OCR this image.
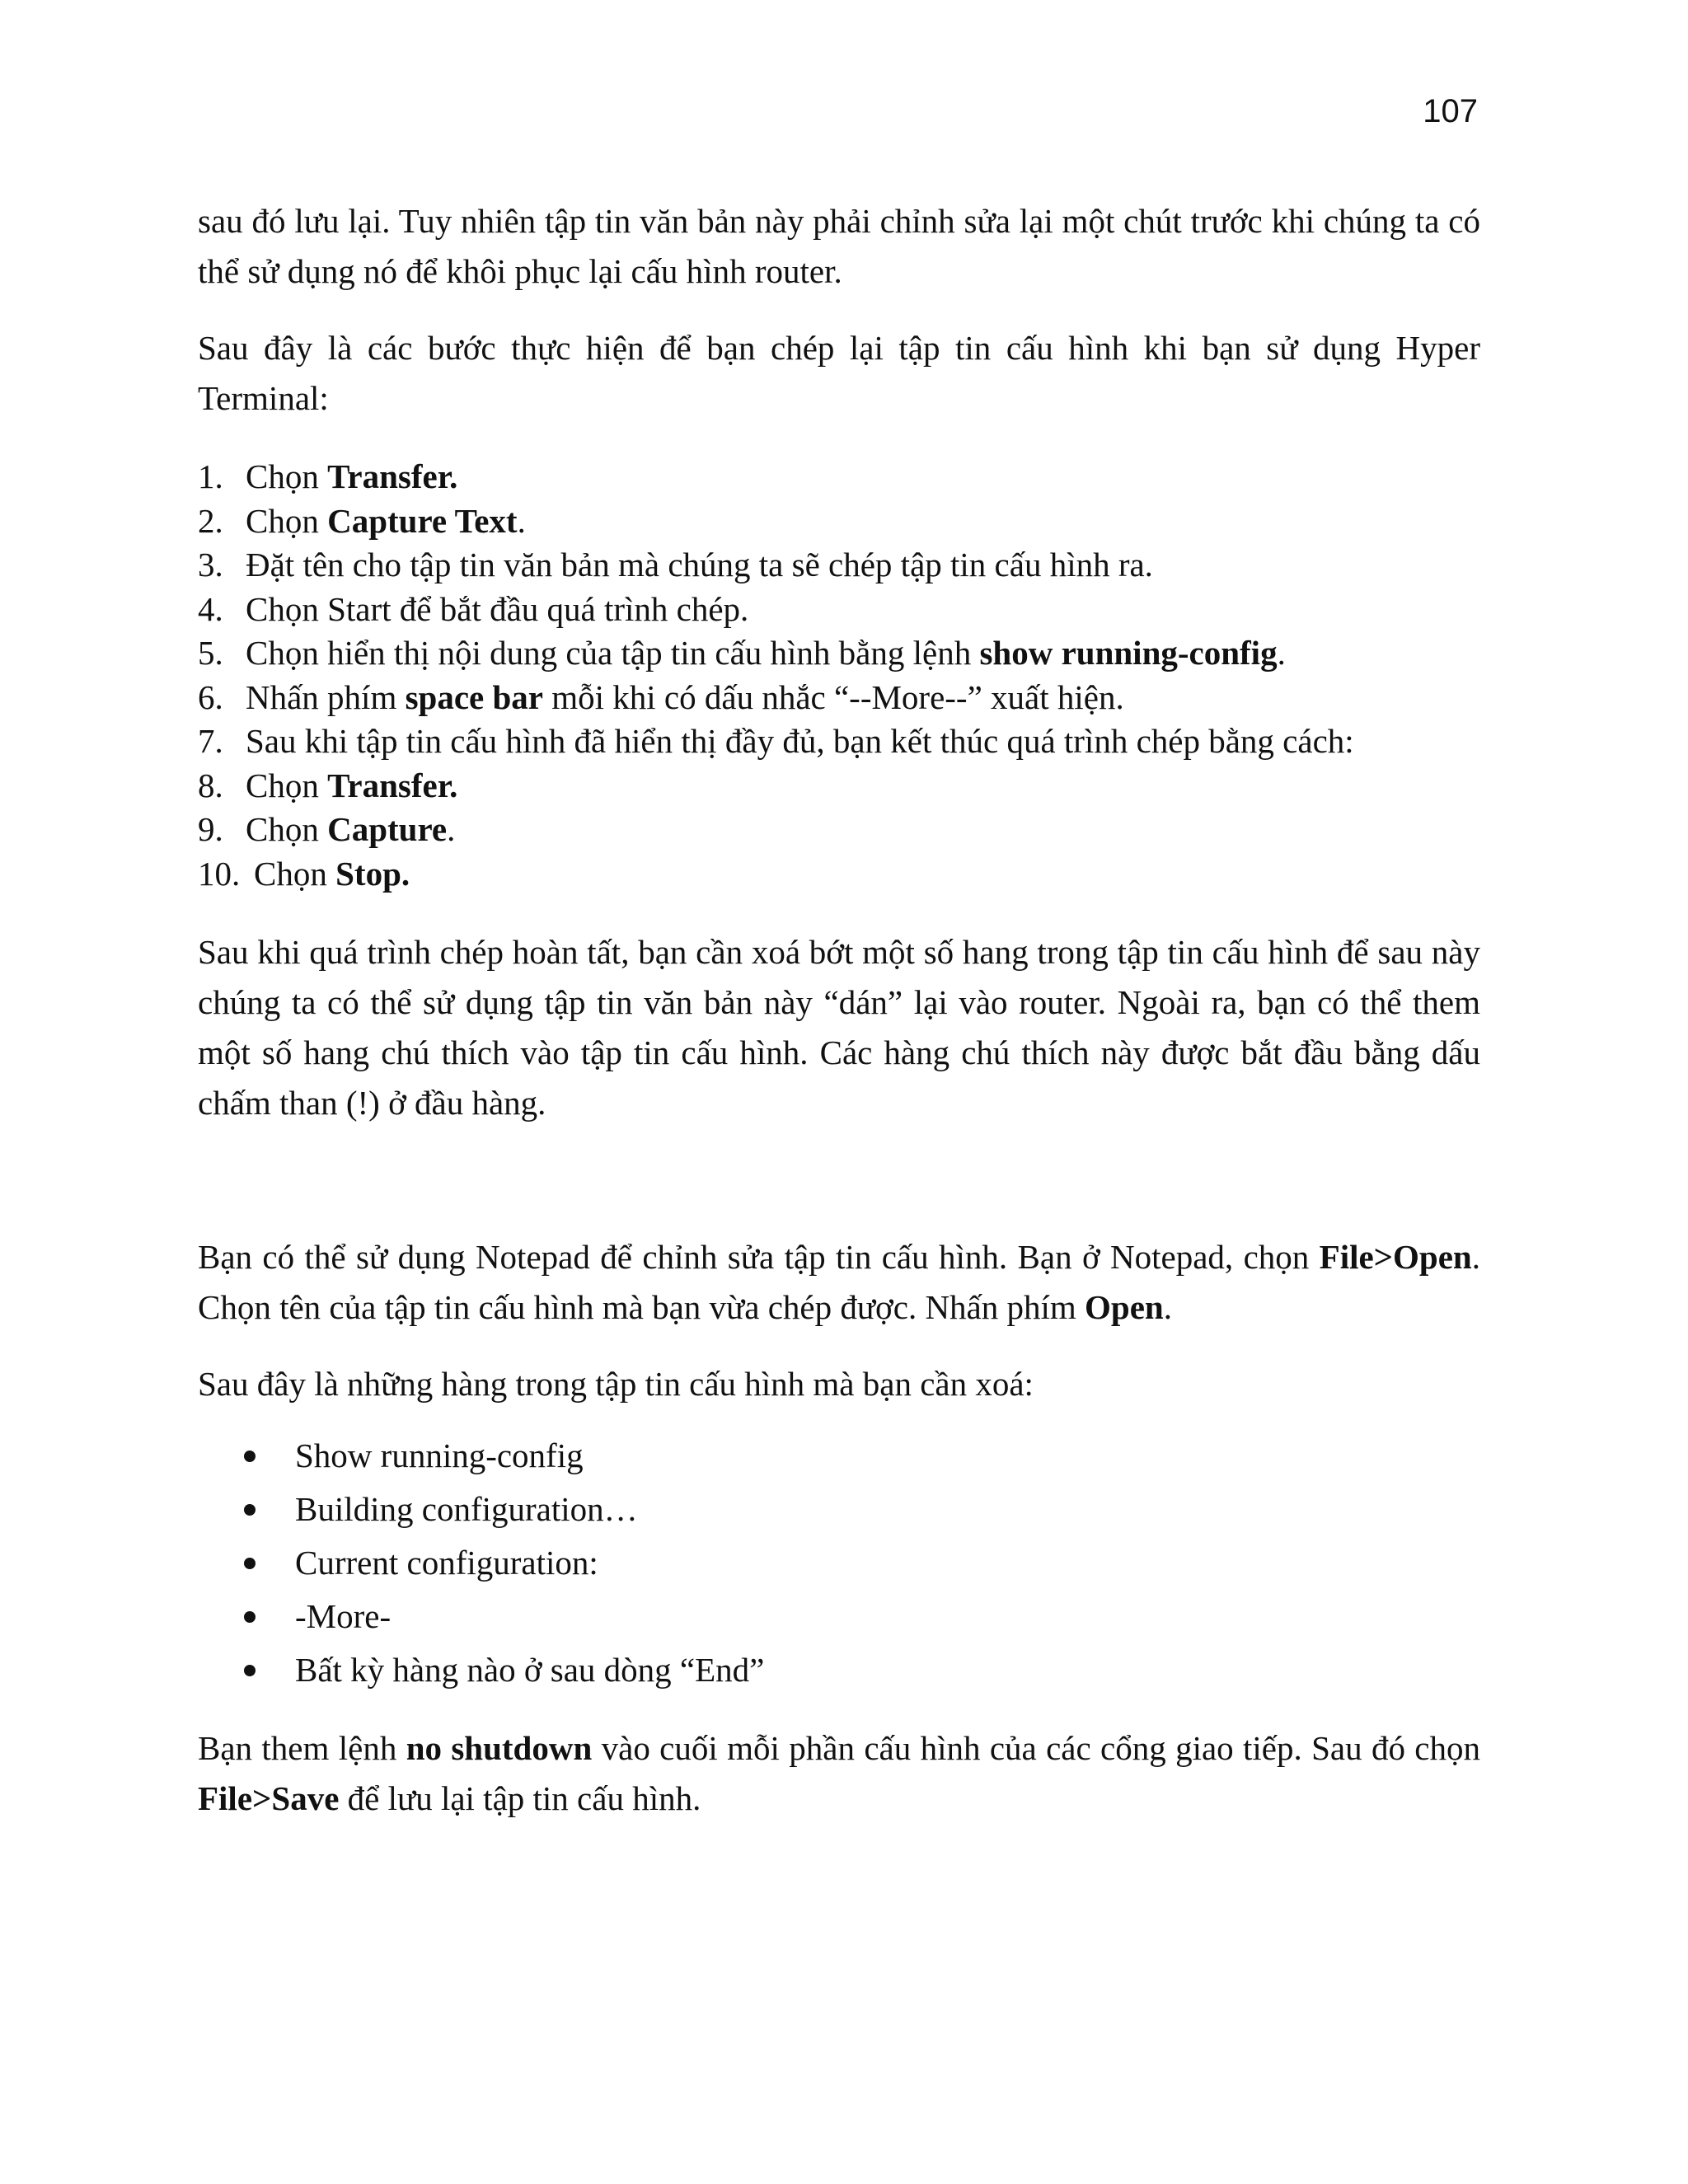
107

sau đó lưu lại. Tuy nhiên tập tin văn bản này phải chỉnh sửa lại một chút trước khi chúng ta có thể sử dụng nó để khôi phục lại cấu hình router.

Sau đây là các bước thực hiện để bạn chép lại tập tin cấu hình khi bạn sử dụng Hyper Terminal:

1. Chọn Transfer.
2. Chọn Capture Text.
3. Đặt tên cho tập tin văn bản mà chúng ta sẽ chép tập tin cấu hình ra.
4. Chọn Start để bắt đầu quá trình chép.
5. Chọn hiển thị nội dung của tập tin cấu hình bằng lệnh show running-config.
6. Nhấn phím space bar mỗi khi có dấu nhắc “--More--” xuất hiện.
7. Sau khi tập tin cấu hình đã hiển thị đầy đủ, bạn kết thúc quá trình chép bằng cách:
8. Chọn Transfer.
9. Chọn Capture.
10. Chọn Stop.

Sau khi quá trình chép hoàn tất, bạn cần xoá bớt một số hang trong tập tin cấu hình để sau này chúng ta có thể sử dụng tập tin văn bản này “dán” lại vào router. Ngoài ra, bạn có thể them một số hang chú thích vào tập tin cấu hình. Các hàng chú thích này được bắt đầu bằng dấu chấm than (!) ở đầu hàng.

Bạn có thể sử dụng Notepad để chỉnh sửa tập tin cấu hình. Bạn ở Notepad, chọn File>Open. Chọn tên của tập tin cấu hình mà bạn vừa chép được. Nhấn phím Open.

Sau đây là những hàng trong tập tin cấu hình mà bạn cần xoá:

Show running-config
Building configuration…
Current configuration:
-More-
Bất kỳ hàng nào ở sau dòng “End”

Bạn them lệnh no shutdown vào cuối mỗi phần cấu hình của các cổng giao tiếp. Sau đó chọn File>Save để lưu lại tập tin cấu hình.
